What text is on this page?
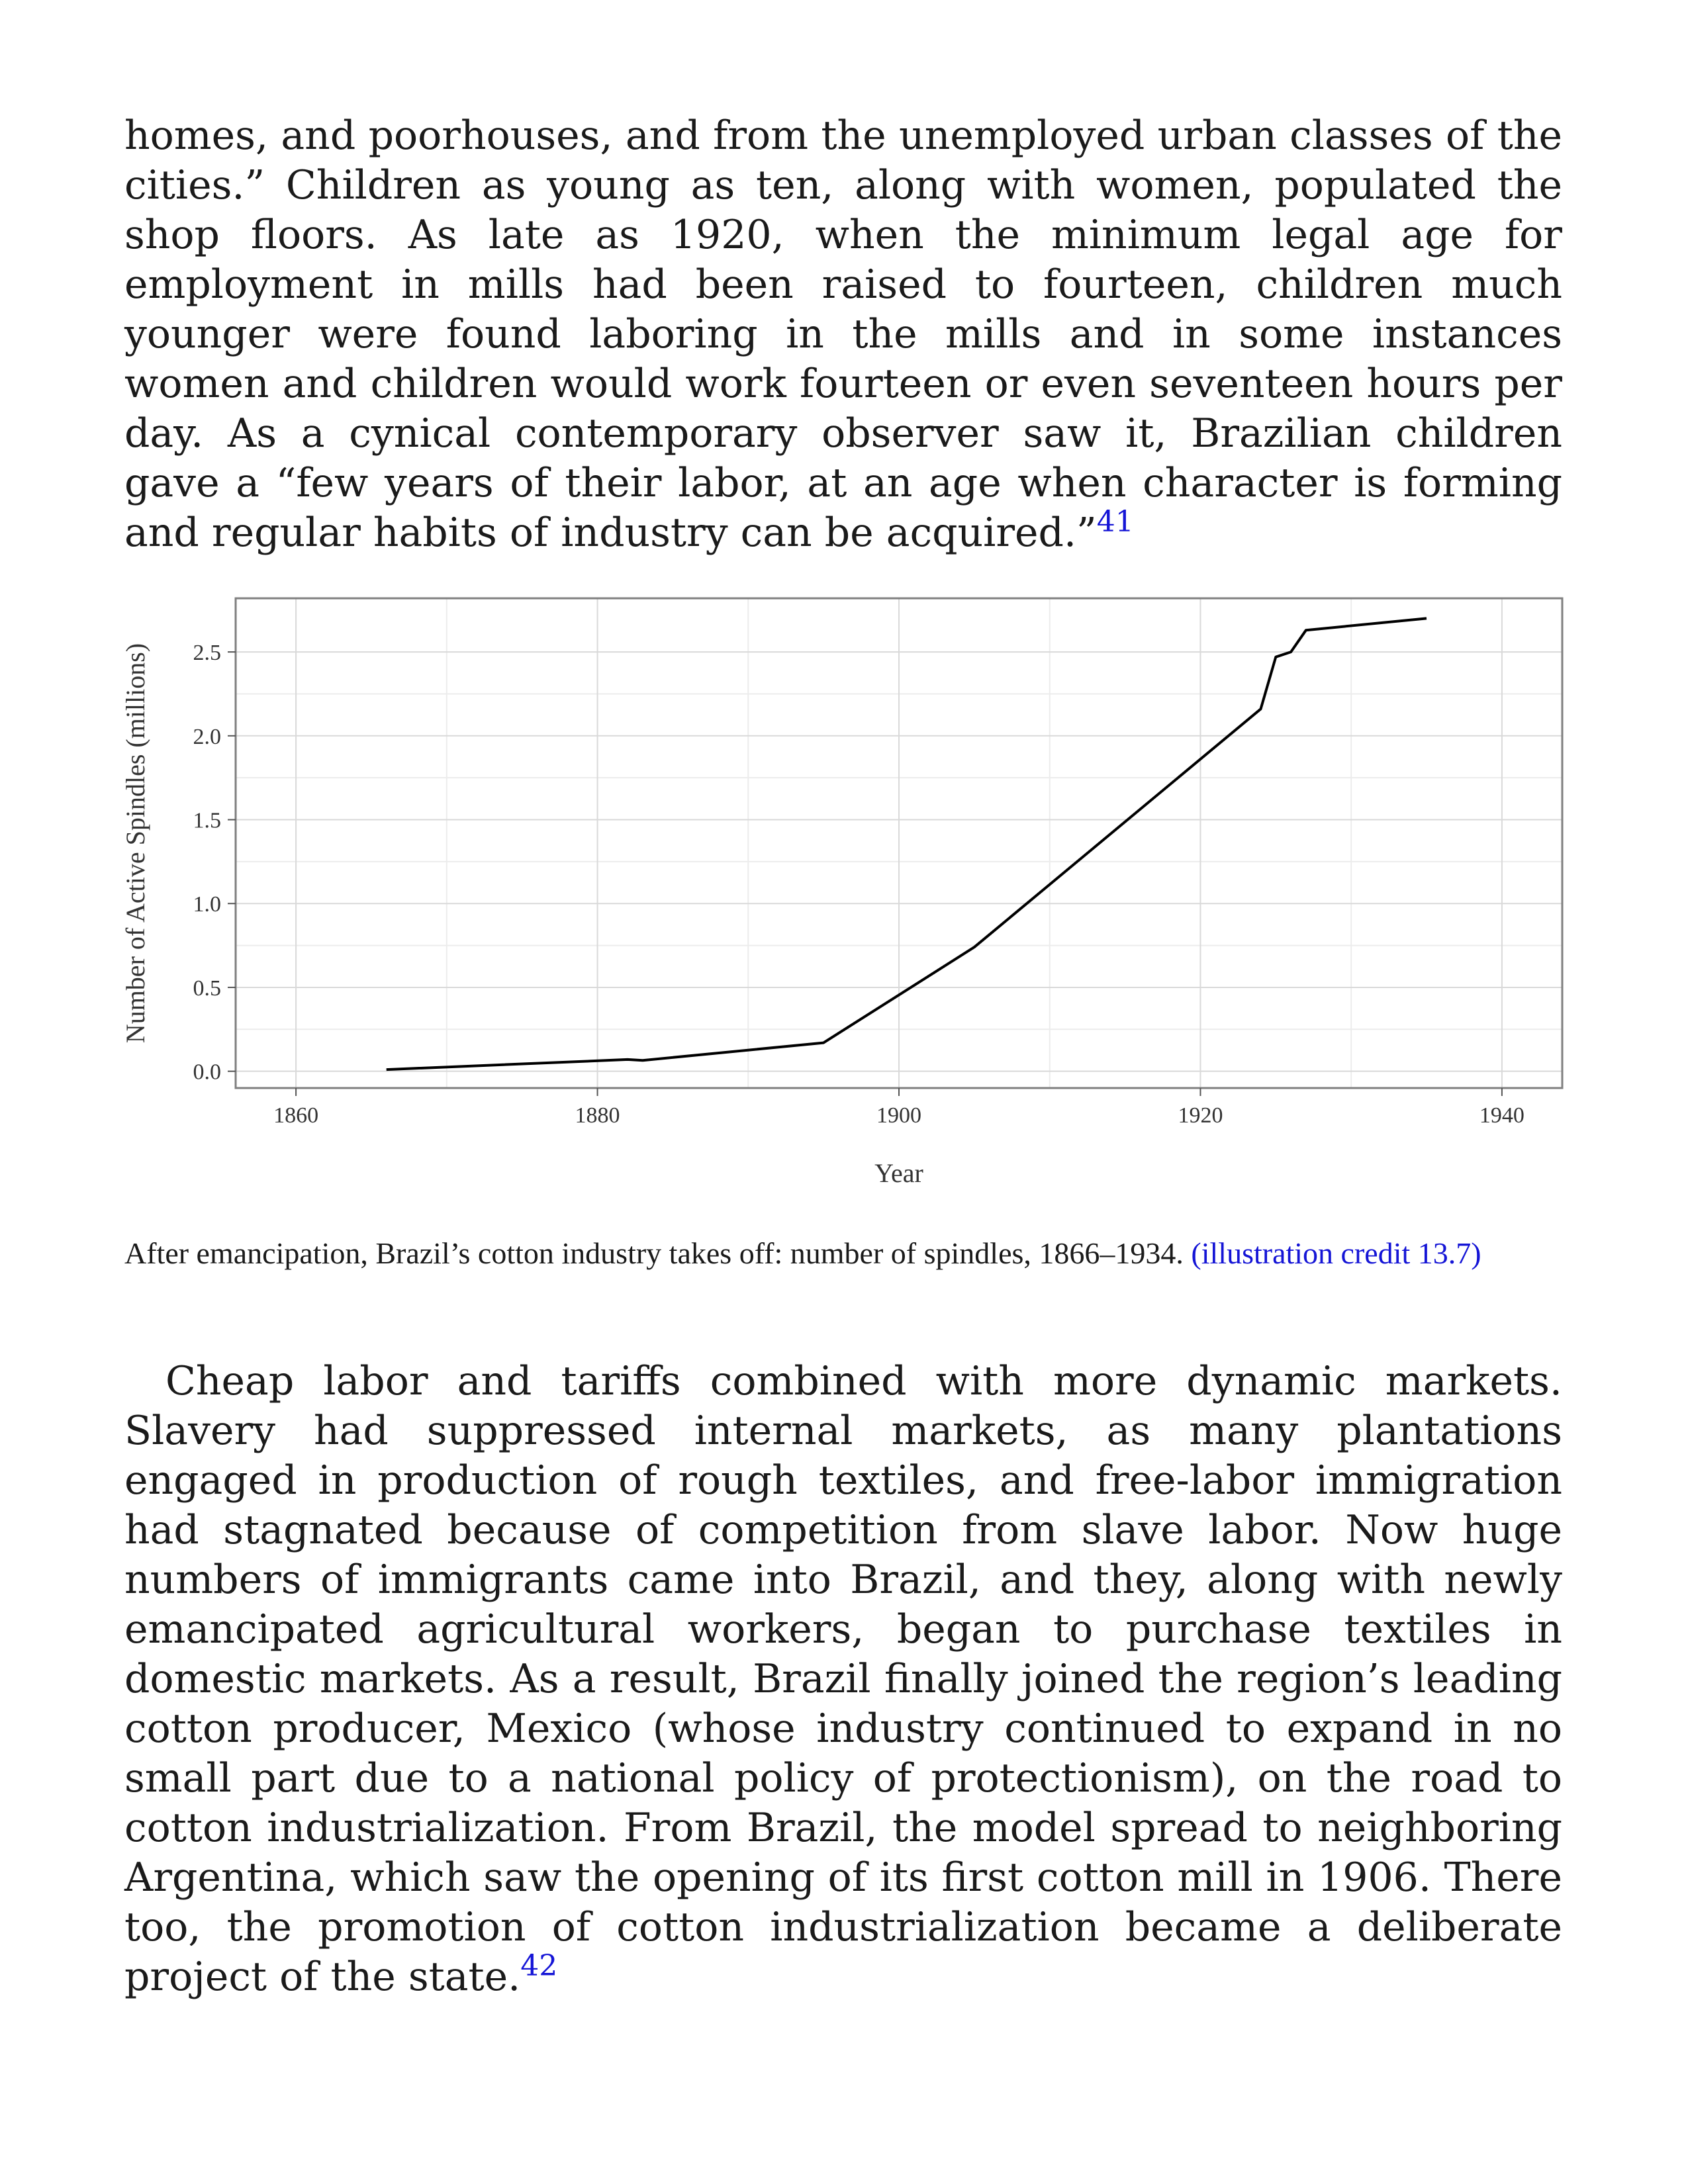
homes, and poorhouses, and from the unemployed urban classes of the cities.” Children as young as ten, along with women, populated the shop floors. As late as 1920, when the minimum legal age for employment in mills had been raised to fourteen, children much younger were found laboring in the mills and in some instances women and children would work fourteen or even seventeen hours per day. As a cynical contemporary observer saw it, Brazilian children gave a “few years of their labor, at an age when character is forming and regular habits of industry can be acquired.”$^{41}$

0.0
0.5
1.0
1.5
2.0
2.5
1860	1880	1900	1920	1940
Number of Active Spindles (millions)
Year

After emancipation, Brazil’s cotton industry takes off: number of spindles, 1866–1934. (illustration credit 13.7)

Cheap labor and tariffs combined with more dynamic markets. Slavery had suppressed internal markets, as many plantations engaged in production of rough textiles, and free-labor immigration had stagnated because of competition from slave labor. Now huge numbers of immigrants came into Brazil, and they, along with newly emancipated agricultural workers, began to purchase textiles in domestic markets. As a result, Brazil finally joined the region’s leading cotton producer, Mexico (whose industry continued to expand in no small part due to a national policy of protectionism), on the road to cotton industrialization. From Brazil, the model spread to neighboring Argentina, which saw the opening of its first cotton mill in 1906. There too, the promotion of cotton industrialization became a deliberate project of the state.$^{42}$
